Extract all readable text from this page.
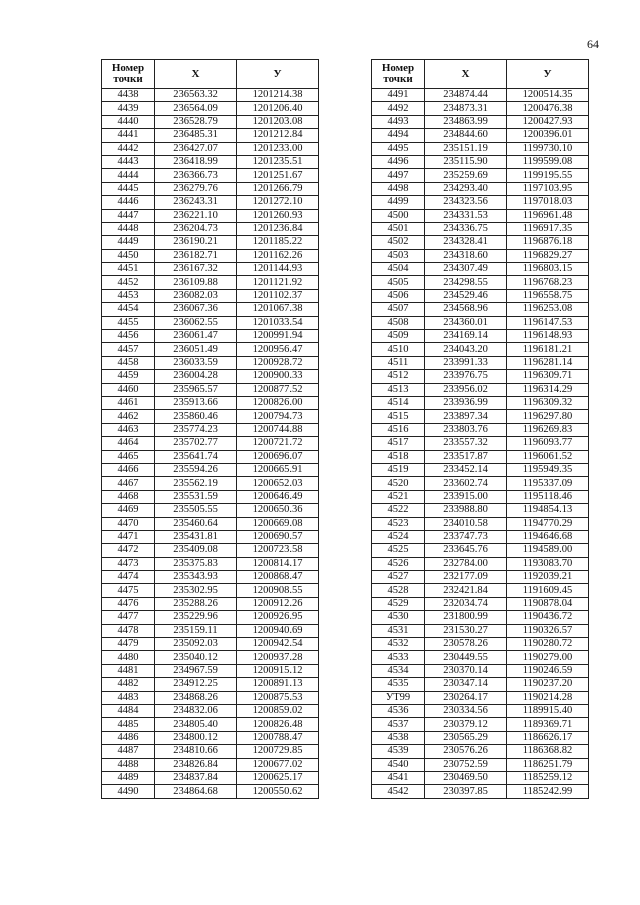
64
Номер точки	Х	У
4438	236563.32	1201214.38
4439	236564.09	1201206.40
4440	236528.79	1201203.08
4441	236485.31	1201212.84
4442	236427.07	1201233.00
4443	236418.99	1201235.51
4444	236366.73	1201251.67
4445	236279.76	1201266.79
4446	236243.31	1201272.10
4447	236221.10	1201260.93
4448	236204.73	1201236.84
4449	236190.21	1201185.22
4450	236182.71	1201162.26
4451	236167.32	1201144.93
4452	236109.88	1201121.92
4453	236082.03	1201102.37
4454	236067.36	1201067.38
4455	236062.55	1201033.54
4456	236061.47	1200991.94
4457	236051.49	1200956.47
4458	236033.59	1200928.72
4459	236004.28	1200900.33
4460	235965.57	1200877.52
4461	235913.66	1200826.00
4462	235860.46	1200794.73
4463	235774.23	1200744.88
4464	235702.77	1200721.72
4465	235641.74	1200696.07
4466	235594.26	1200665.91
4467	235562.19	1200652.03
4468	235531.59	1200646.49
4469	235505.55	1200650.36
4470	235460.64	1200669.08
4471	235431.81	1200690.57
4472	235409.08	1200723.58
4473	235375.83	1200814.17
4474	235343.93	1200868.47
4475	235302.95	1200908.55
4476	235288.26	1200912.26
4477	235229.96	1200926.95
4478	235159.11	1200940.69
4479	235092.03	1200942.54
4480	235040.12	1200937.28
4481	234967.59	1200915.12
4482	234912.25	1200891.13
4483	234868.26	1200875.53
4484	234832.06	1200859.02
4485	234805.40	1200826.48
4486	234800.12	1200788.47
4487	234810.66	1200729.85
4488	234826.84	1200677.02
4489	234837.84	1200625.17
4490	234864.68	1200550.62
Номер точки	Х	У
4491	234874.44	1200514.35
4492	234873.31	1200476.38
4493	234863.99	1200427.93
4494	234844.60	1200396.01
4495	235151.19	1199730.10
4496	235115.90	1199599.08
4497	235259.69	1199195.55
4498	234293.40	1197103.95
4499	234323.56	1197018.03
4500	234331.53	1196961.48
4501	234336.75	1196917.35
4502	234328.41	1196876.18
4503	234318.60	1196829.27
4504	234307.49	1196803.15
4505	234298.55	1196768.23
4506	234529.46	1196558.75
4507	234568.96	1196253.08
4508	234360.01	1196147.53
4509	234169.14	1196148.93
4510	234043.20	1196181.21
4511	233991.33	1196281.14
4512	233976.75	1196309.71
4513	233956.02	1196314.29
4514	233936.99	1196309.32
4515	233897.34	1196297.80
4516	233803.76	1196269.83
4517	233557.32	1196093.77
4518	233517.87	1196061.52
4519	233452.14	1195949.35
4520	233602.74	1195337.09
4521	233915.00	1195118.46
4522	233988.80	1194854.13
4523	234010.58	1194770.29
4524	233747.73	1194646.68
4525	233645.76	1194589.00
4526	232784.00	1193083.70
4527	232177.09	1192039.21
4528	232421.84	1191609.45
4529	232034.74	1190878.04
4530	231800.99	1190436.72
4531	231530.27	1190326.57
4532	230578.26	1190280.72
4533	230449.55	1190279.00
4534	230370.14	1190246.59
4535	230347.14	1190237.20
УТ99	230264.17	1190214.28
4536	230334.56	1189915.40
4537	230379.12	1189369.71
4538	230565.29	1186626.17
4539	230576.26	1186368.82
4540	230752.59	1186251.79
4541	230469.50	1185259.12
4542	230397.85	1185242.99
